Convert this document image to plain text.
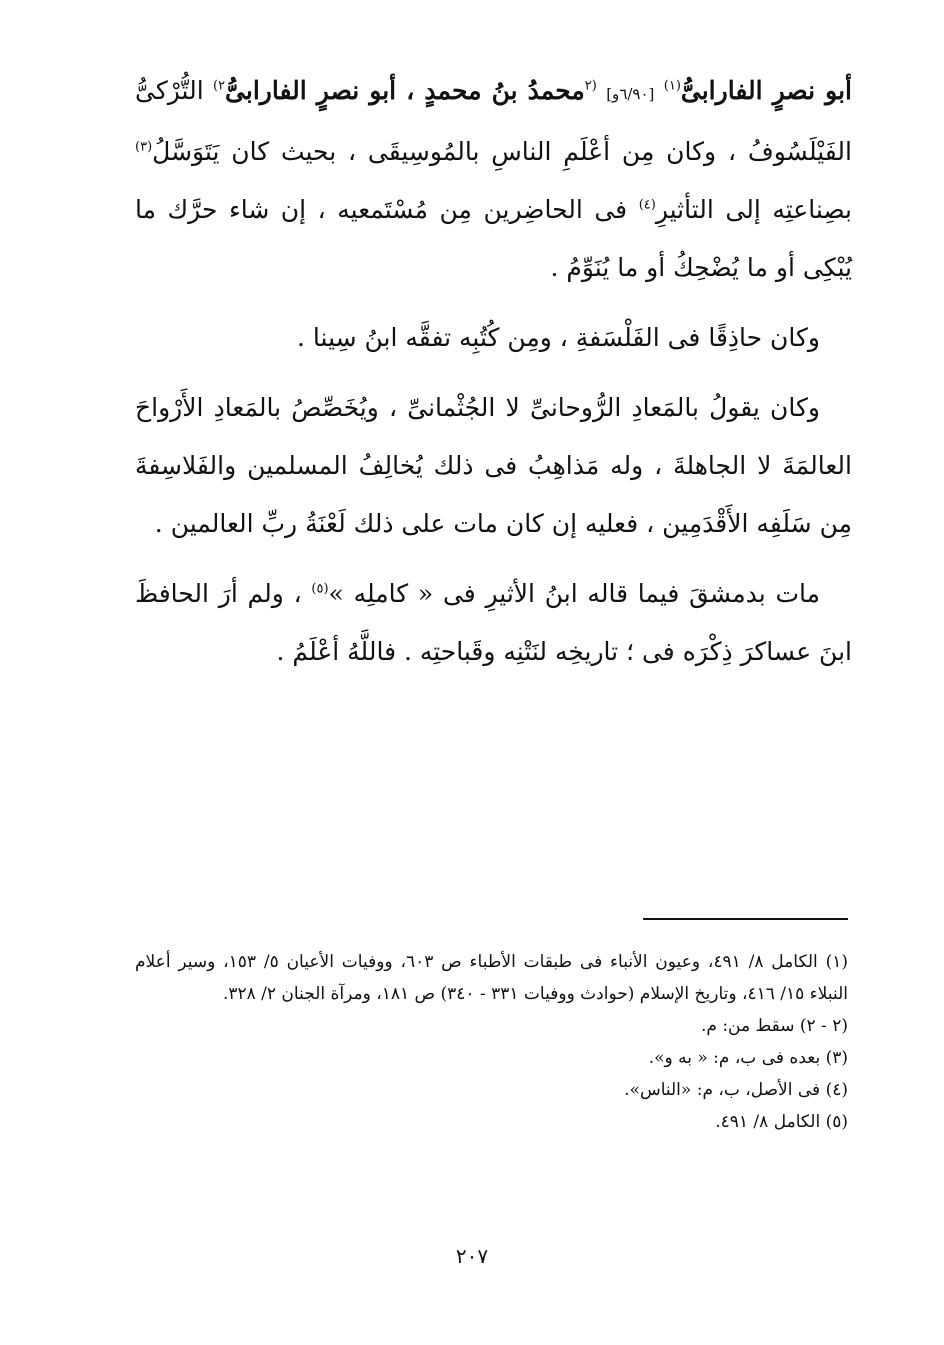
أبو نصرٍ الفارابىُّ$^{(١)}$ [٦/٩٠و] $^{(٢}$محمدُ بنُ محمدٍ ، أبو نصرٍ الفارابىُّ$^{٢)}$ التُّرْكىُّ الفَيْلَسُوفُ ، وكان مِن أعْلَمِ الناسِ بالمُوسِيقَى ، بحيث كان يَتَوَسَّلُ$^{(٣)}$ بصِناعتِه إلى التأثيرِ$^{(٤)}$ فى الحاضِرين مِن مُسْتَمعيه ، إن شاء حرَّك ما يُبْكِى أو ما يُضْحِكُ أو ما يُنَوِّمُ .

وكان حاذِقًا فى الفَلْسَفةِ ، ومِن كُتُبِه تفقَّه ابنُ سِينا .

وكان يقولُ بالمَعادِ الرُّوحانىِّ لا الجُثْمانىِّ ، ويُخَصِّصُ بالمَعادِ الأَرْواحَ العالمَةَ لا الجاهلةَ ، وله مَذاهِبُ فى ذلك يُخالِفُ المسلمين والفَلاسِفةَ مِن سَلَفِه الأَقْدَمِين ، فعليه إن كان مات على ذلك لَعْنَةُ ربِّ العالمين .

مات بدمشقَ فيما قاله ابنُ الأثيرِ فى « كاملِه »$^{(٥)}$ ، ولم أرَ الحافظَ ابنَ عساكرَ ذِكْرَه فى ؛ تاريخِه لنَتْنِه وقَباحتِه . فاللَّهُ أعْلَمُ .

(١) الكامل ٨/ ٤٩١، وعيون الأنباء فى طبقات الأطباء ص ٦٠٣، ووفيات الأعيان ٥/ ١٥٣، وسير أعلام النبلاء ١٥/ ٤١٦، وتاريخ الإسلام (حوادث ووفيات ٣٣١ - ٣٤٠) ص ١٨١، ومرآة الجنان ٢/ ٣٢٨.

(٢ - ٢) سقط من: م.

(٣) بعده فى ب، م: « به و».

(٤) فى الأصل، ب، م: «الناس».

(٥) الكامل ٨/ ٤٩١.

٢٠٧
